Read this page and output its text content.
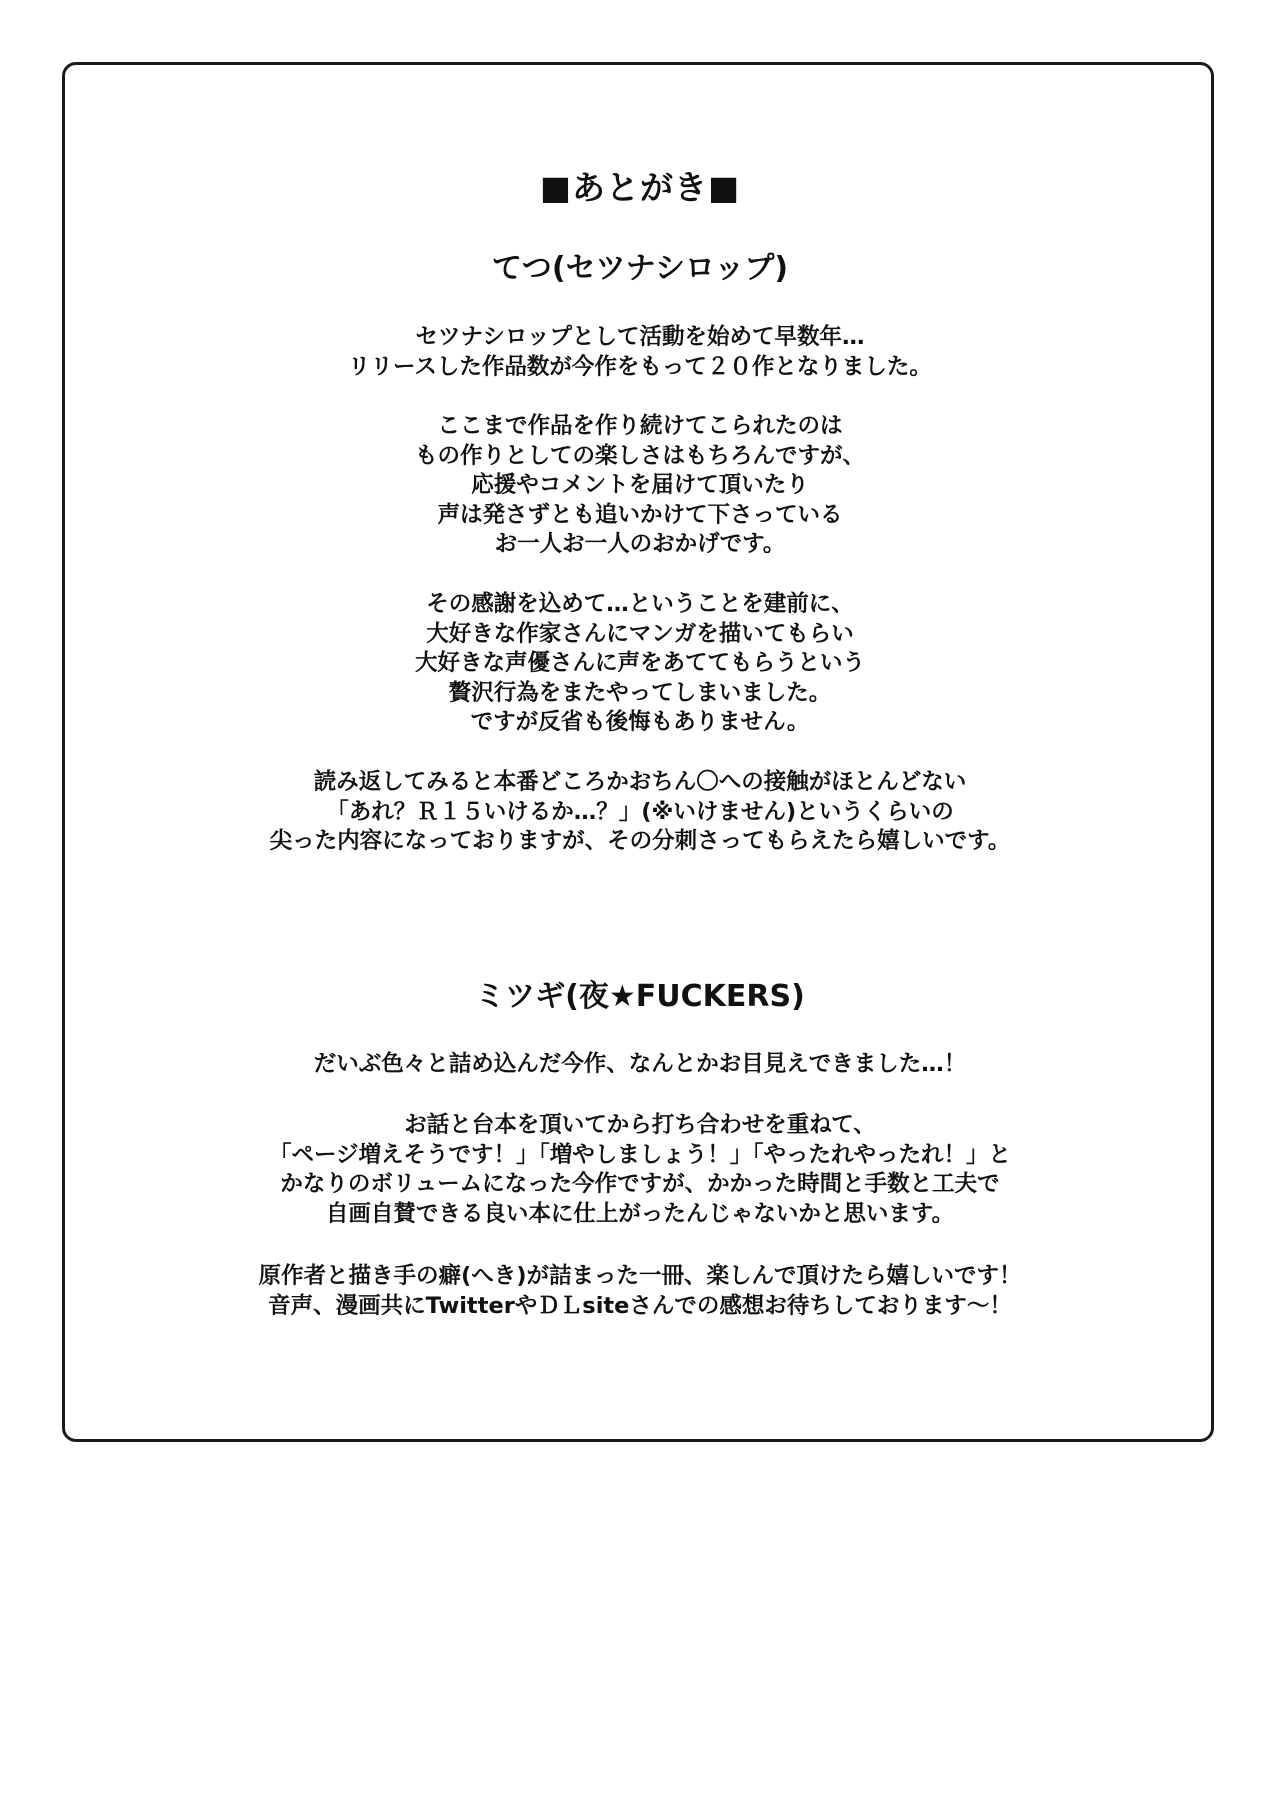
■あとがき■
てつ(セツナシロップ)
セツナシロップとして活動を始めて早数年…
リリースした作品数が今作をもって２０作となりました。
ここまで作品を作り続けてこられたのは
もの作りとしての楽しさはもちろんですが、
応援やコメントを届けて頂いたり
声は発さずとも追いかけて下さっている
お一人お一人のおかげです。
その感謝を込めて…ということを建前に、
大好きな作家さんにマンガを描いてもらい
大好きな声優さんに声をあててもらうという
贅沢行為をまたやってしまいました。
ですが反省も後悔もありません。
読み返してみると本番どころかおちん〇への接触がほとんどない
「あれ？Ｒ１５いけるか…？」(※いけません)というくらいの
尖った内容になっておりますが、その分刺さってもらえたら嬉しいです。
ミツギ(夜★FUCKERS)
だいぶ色々と詰め込んだ今作、なんとかお目見えできました…！
お話と台本を頂いてから打ち合わせを重ねて、
「ページ増えそうです！」「増やしましょう！」「やったれやったれ！」と
かなりのボリュームになった今作ですが、かかった時間と手数と工夫で
自画自賛できる良い本に仕上がったんじゃないかと思います。
原作者と描き手の癖(へき)が詰まった一冊、楽しんで頂けたら嬉しいです！
音声、漫画共にTwitterやＤＬsiteさんでの感想お待ちしております〜！
